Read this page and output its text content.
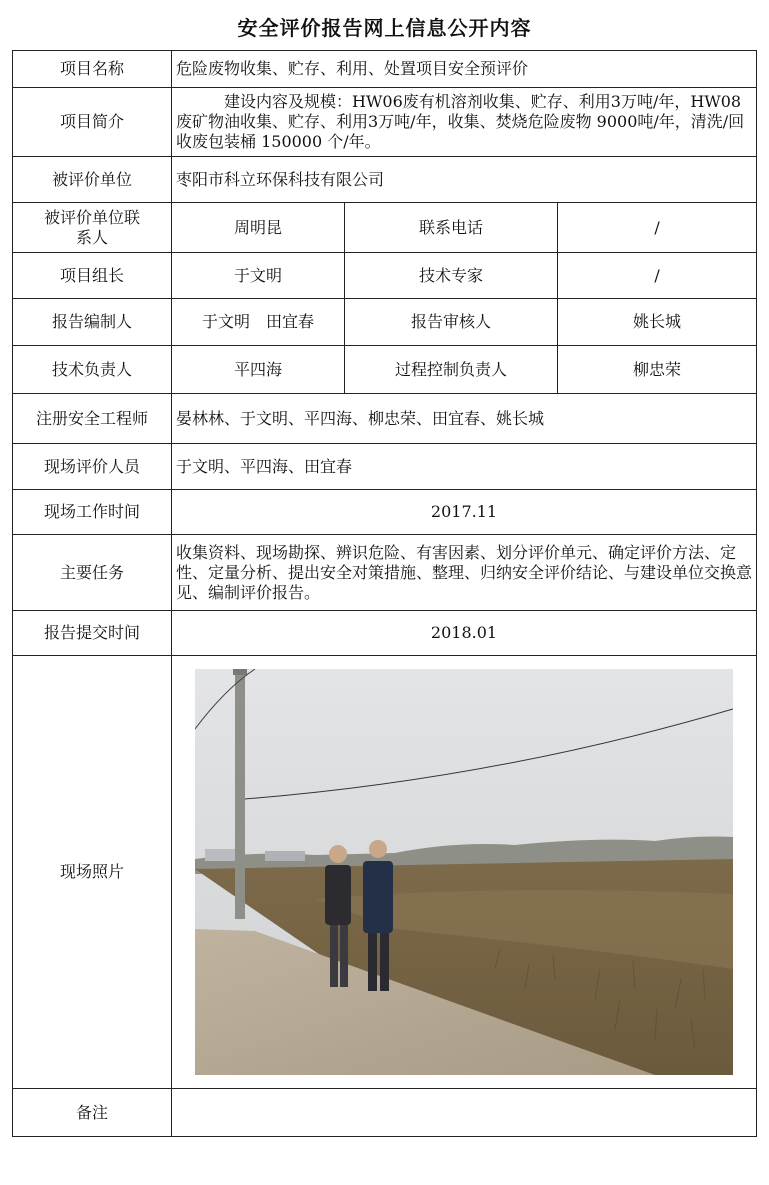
安全评价报告网上信息公开内容
项目名称	危险废物收集、贮存、利用、处置项目安全预评价		
项目简介	　　　建设内容及规模：HW06废有机溶剂收集、贮存、利用3万吨/年，HW08废矿物油收集、贮存、利用3万吨/年，收集、焚烧危险废物 9000吨/年，清洗/回收废包装桶 150000 个/年。		
被评价单位	枣阳市科立环保科技有限公司		
被评价单位联系人	周明昆	联系电话	/
项目组长	于文明	技术专家	/
报告编制人	于文明　田宜春	报告审核人	姚长城
技术负责人	平四海	过程控制负责人	柳忠荣
注册安全工程师	晏林林、于文明、平四海、柳忠荣、田宜春、姚长城		
现场评价人员	于文明、平四海、田宜春		
现场工作时间	2017.11		
主要任务	收集资料、现场勘探、辨识危险、有害因素、划分评价单元、确定评价方法、定性、定量分析、提出安全对策措施、整理、归纳安全评价结论、与建设单位交换意见、编制评价报告。		
报告提交时间	2018.01		
现场照片	

备注			
